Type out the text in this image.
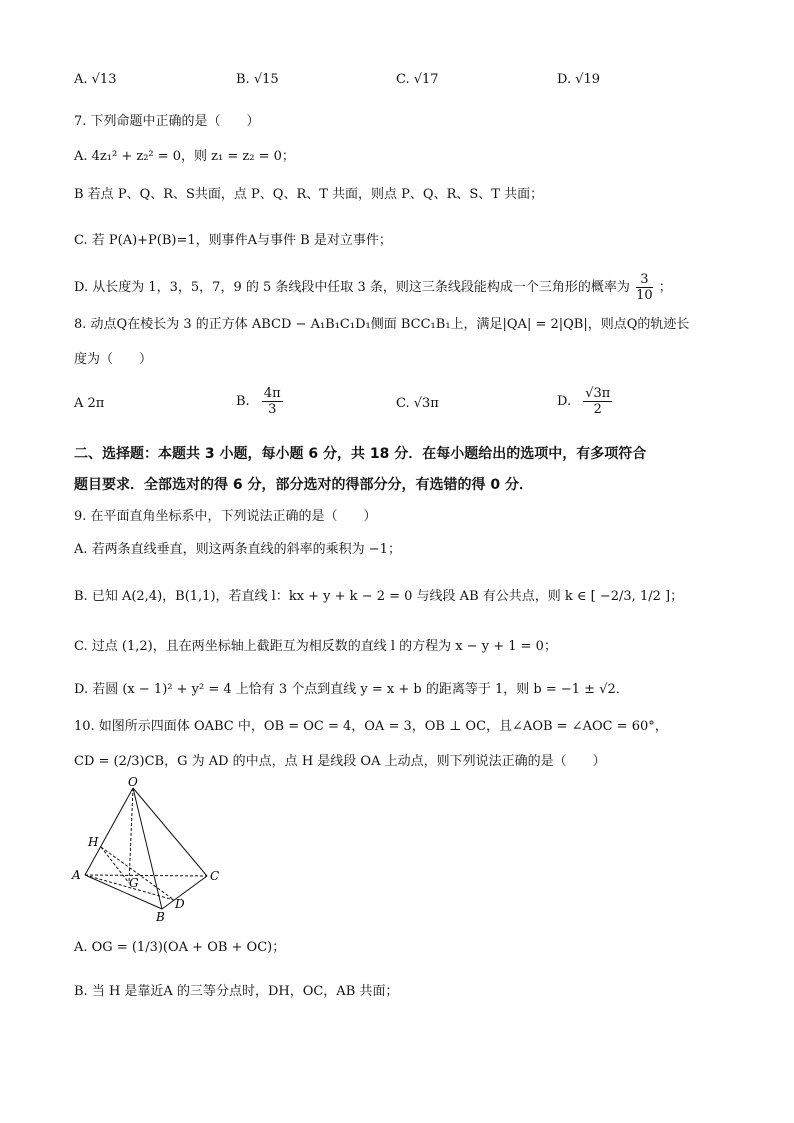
A. √13	B. √15	C. √17	D. √19
7. 下列命题中正确的是（　　）
A. 4z₁² + z₂² = 0，则 z₁ = z₂ = 0；
B 若点 P、Q、R、S共面，点 P、Q、R、T 共面，则点 P、Q、R、S、T 共面；
C. 若 P(A)+P(B)=1，则事件A与事件 B 是对立事件；
D. 从长度为 1，3，5，7，9 的 5 条线段中任取 3 条，则这三条线段能构成一个三角形的概率为 $\frac{3}{10}$ ；
8. 动点Q在棱长为 3 的正方体 ABCD − A₁B₁C₁D₁侧面 BCC₁B₁上，满足|QA| = 2|QB|，则点Q的轨迹长
度为（　　）
A 2π	B. $\frac{4\pi}{3}$	C. √3π	D. $\frac{√3\pi}{2}$
二、选择题：本题共 3 小题，每小题 6 分，共 18 分．在每小题给出的选项中，有多项符合
题目要求．全部选对的得 6 分，部分选对的得部分分，有选错的得 0 分．
9. 在平面直角坐标系中，下列说法正确的是（　　）
A. 若两条直线垂直，则这两条直线的斜率的乘积为 −1；
B. 已知 A(2,4)，B(1,1)，若直线 l：kx + y + k − 2 = 0 与线段 AB 有公共点，则 k ∈ [ −2/3, 1/2 ]；
C. 过点 (1,2)，且在两坐标轴上截距互为相反数的直线 l 的方程为 x − y + 1 = 0；
D. 若圆 (x − 1)² + y² = 4 上恰有 3 个点到直线 y = x + b 的距离等于 1，则 b = −1 ± √2．
10. 如图所示四面体 OABC 中，OB = OC = 4，OA = 3，OB ⊥ OC，且∠AOB = ∠AOC = 60°，
CD = (2/3)CB，G 为 AD 的中点，点 H 是线段 OA 上动点，则下列说法正确的是（　　）
O
H
A
G	C
D
B
A. OG = (1/3)(OA + OB + OC)；
B. 当 H 是靠近A 的三等分点时，DH，OC，AB 共面；
